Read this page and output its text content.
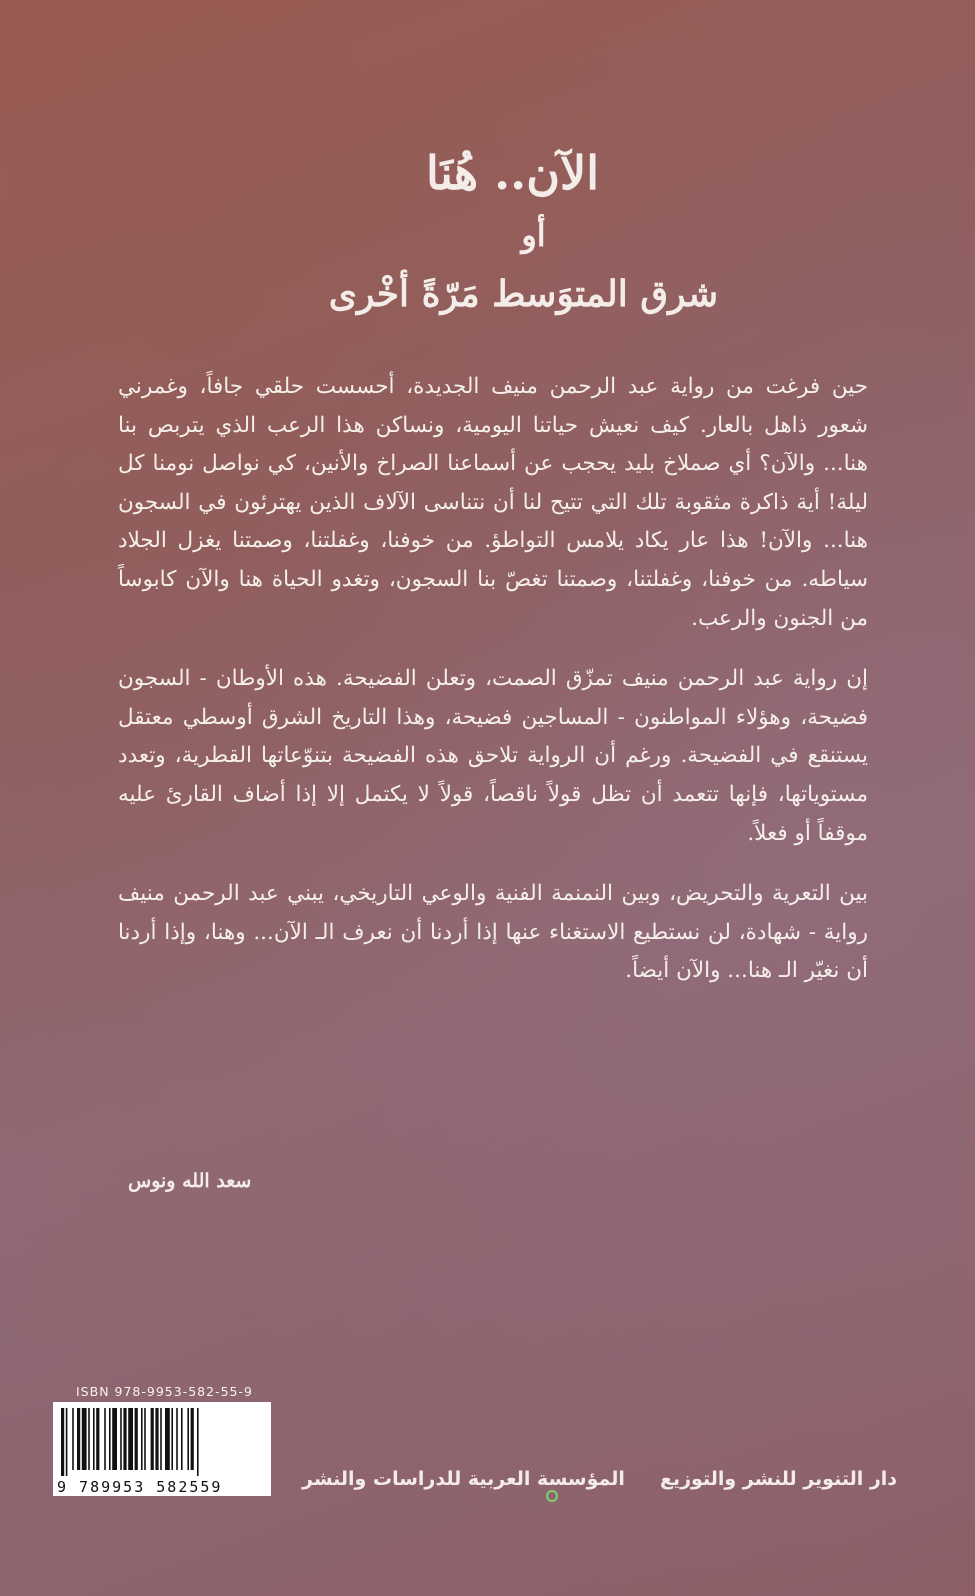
الآن.. هُنَا
أو
شرق المتوَسط مَرّةً أخْرى

حين فرغت من رواية عبد الرحمن منيف الجديدة، أحسست حلقي جافاً، وغمرني شعور ذاهل بالعار. كيف نعيش حياتنا اليومية، ونساكن هذا الرعب الذي يتربص بنا هنا... والآن؟ أي صملاخ بليد يحجب عن أسماعنا الصراخ والأنين، كي نواصل نومنا كل ليلة! أية ذاكرة مثقوبة تلك التي تتيح لنا أن نتناسى الآلاف الذين يهترئون في السجون هنا... والآن! هذا عار يكاد يلامس التواطؤ. من خوفنا، وغفلتنا، وصمتنا يغزل الجلاد سياطه. من خوفنا، وغفلتنا، وصمتنا تغصّ بنا السجون، وتغدو الحياة هنا والآن كابوساً من الجنون والرعب.

إن رواية عبد الرحمن منيف تمزّق الصمت، وتعلن الفضيحة. هذه الأوطان - السجون فضيحة، وهؤلاء المواطنون - المساجين فضيحة، وهذا التاريخ الشرق أوسطي معتقل يستنقع في الفضيحة. ورغم أن الرواية تلاحق هذه الفضيحة بتنوّعاتها القطرية، وتعدد مستوياتها، فإنها تتعمد أن تظل قولاً ناقصاً، قولاً لا يكتمل إلا إذا أضاف القارئ عليه موقفاً أو فعلاً.

بين التعرية والتحريض، وبين النمنمة الفنية والوعي التاريخي، يبني عبد الرحمن منيف رواية - شهادة، لن نستطيع الاستغناء عنها إذا أردنا أن نعرف الـ الآن... وهنا، وإذا أردنا أن نغيّر الـ هنا... والآن أيضاً.

سعد الله ونوس
ISBN 978-9953-582-55-9
9 789953 582559	المؤسسة العربية للدراسات والنشر دار التنوير للنشر والتوزيع
